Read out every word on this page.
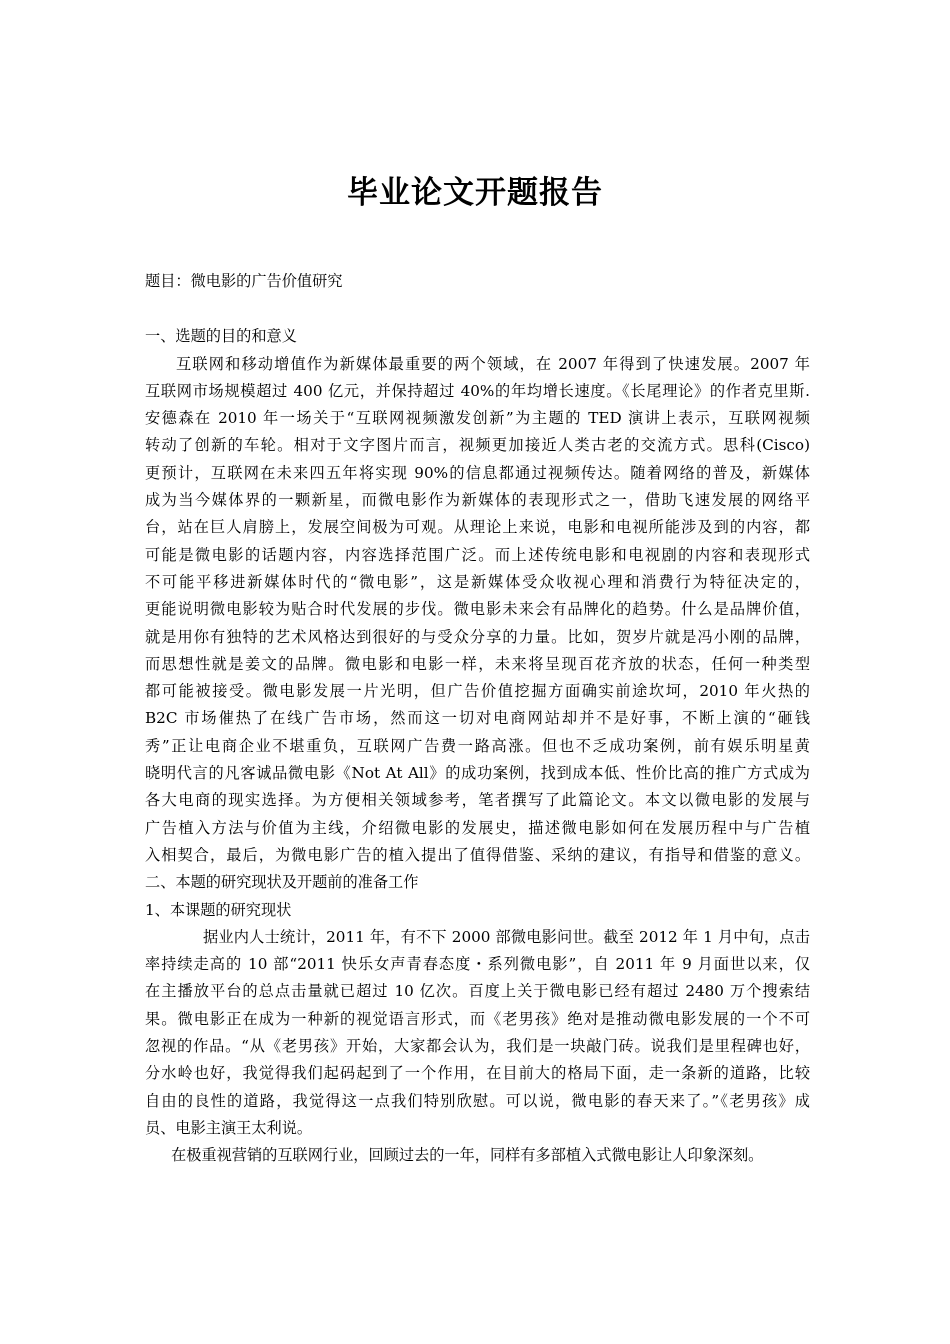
毕业论文开题报告
题目：微电影的广告价值研究
一、选题的目的和意义
互联网和移动增值作为新媒体最重要的两个领域，在 2007 年得到了快速发展。2007 年
互联网市场规模超过 400 亿元，并保持超过 40%的年均增长速度。《长尾理论》的作者克里斯.
安德森在 2010 年一场关于“互联网视频激发创新”为主题的 TED 演讲上表示，互联网视频
转动了创新的车轮。相对于文字图片而言，视频更加接近人类古老的交流方式。思科(Cisco)
更预计，互联网在未来四五年将实现 90%的信息都通过视频传达。随着网络的普及，新媒体
成为当今媒体界的一颗新星，而微电影作为新媒体的表现形式之一，借助飞速发展的网络平
台，站在巨人肩膀上，发展空间极为可观。从理论上来说，电影和电视所能涉及到的内容，都
可能是微电影的话题内容，内容选择范围广泛。而上述传统电影和电视剧的内容和表现形式
不可能平移进新媒体时代的“微电影”，这是新媒体受众收视心理和消费行为特征决定的，
更能说明微电影较为贴合时代发展的步伐。微电影未来会有品牌化的趋势。什么是品牌价值，
就是用你有独特的艺术风格达到很好的与受众分享的力量。比如，贺岁片就是冯小刚的品牌，
而思想性就是姜文的品牌。微电影和电影一样，未来将呈现百花齐放的状态，任何一种类型
都可能被接受。微电影发展一片光明，但广告价值挖掘方面确实前途坎坷，2010 年火热的
B2C 市场催热了在线广告市场，然而这一切对电商网站却并不是好事，不断上演的“砸钱
秀”正让电商企业不堪重负，互联网广告费一路高涨。但也不乏成功案例，前有娱乐明星黄
晓明代言的凡客诚品微电影《Not At All》的成功案例，找到成本低、性价比高的推广方式成为
各大电商的现实选择。为方便相关领域参考，笔者撰写了此篇论文。本文以微电影的发展与
广告植入方法与价值为主线，介绍微电影的发展史，描述微电影如何在发展历程中与广告植
入相契合，最后，为微电影广告的植入提出了值得借鉴、采纳的建议，有指导和借鉴的意义。
二、本题的研究现状及开题前的准备工作
1、本课题的研究现状
据业内人士统计，2011 年，有不下 2000 部微电影问世。截至 2012 年 1 月中旬，点击
率持续走高的 10 部“2011 快乐女声青春态度・系列微电影”，自 2011 年 9 月面世以来，仅
在主播放平台的总点击量就已超过 10 亿次。百度上关于微电影已经有超过 2480 万个搜索结
果。微电影正在成为一种新的视觉语言形式，而《老男孩》绝对是推动微电影发展的一个不可
忽视的作品。“从《老男孩》开始，大家都会认为，我们是一块敲门砖。说我们是里程碑也好，
分水岭也好，我觉得我们起码起到了一个作用，在目前大的格局下面，走一条新的道路，比较
自由的良性的道路，我觉得这一点我们特别欣慰。可以说，微电影的春天来了。”《老男孩》成
员、电影主演王太利说。
在极重视营销的互联网行业，回顾过去的一年，同样有多部植入式微电影让人印象深刻。
